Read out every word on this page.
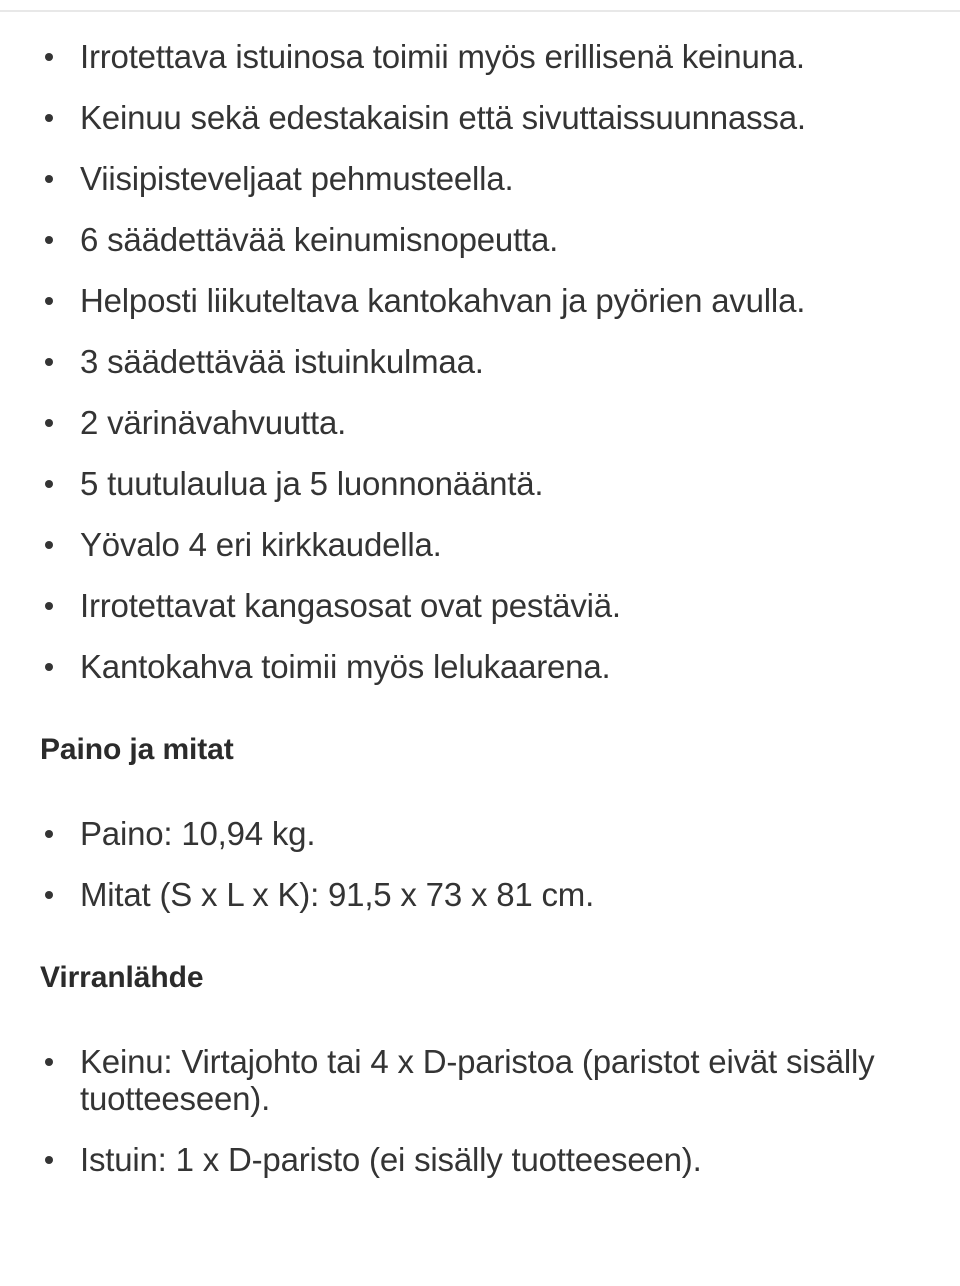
Irrotettava istuinosa toimii myös erillisenä keinuna.
Keinuu sekä edestakaisin että sivuttaissuunnassa.
Viisipisteveljaat pehmusteella.
6 säädettävää keinumisnopeutta.
Helposti liikuteltava kantokahvan ja pyörien avulla.
3 säädettävää istuinkulmaa.
2 värinävahvuutta.
5 tuutulaulua ja 5 luonnonääntä.
Yövalo 4 eri kirkkaudella.
Irrotettavat kangasosat ovat pestäviä.
Kantokahva toimii myös lelukaarena.
Paino ja mitat
Paino: 10,94 kg.
Mitat (S x L x K): 91,5 x 73 x 81 cm.
Virranlähde
Keinu: Virtajohto tai 4 x D-paristoa (paristot eivät sisälly tuotteeseen).
Istuin: 1 x D-paristo (ei sisälly tuotteeseen).
